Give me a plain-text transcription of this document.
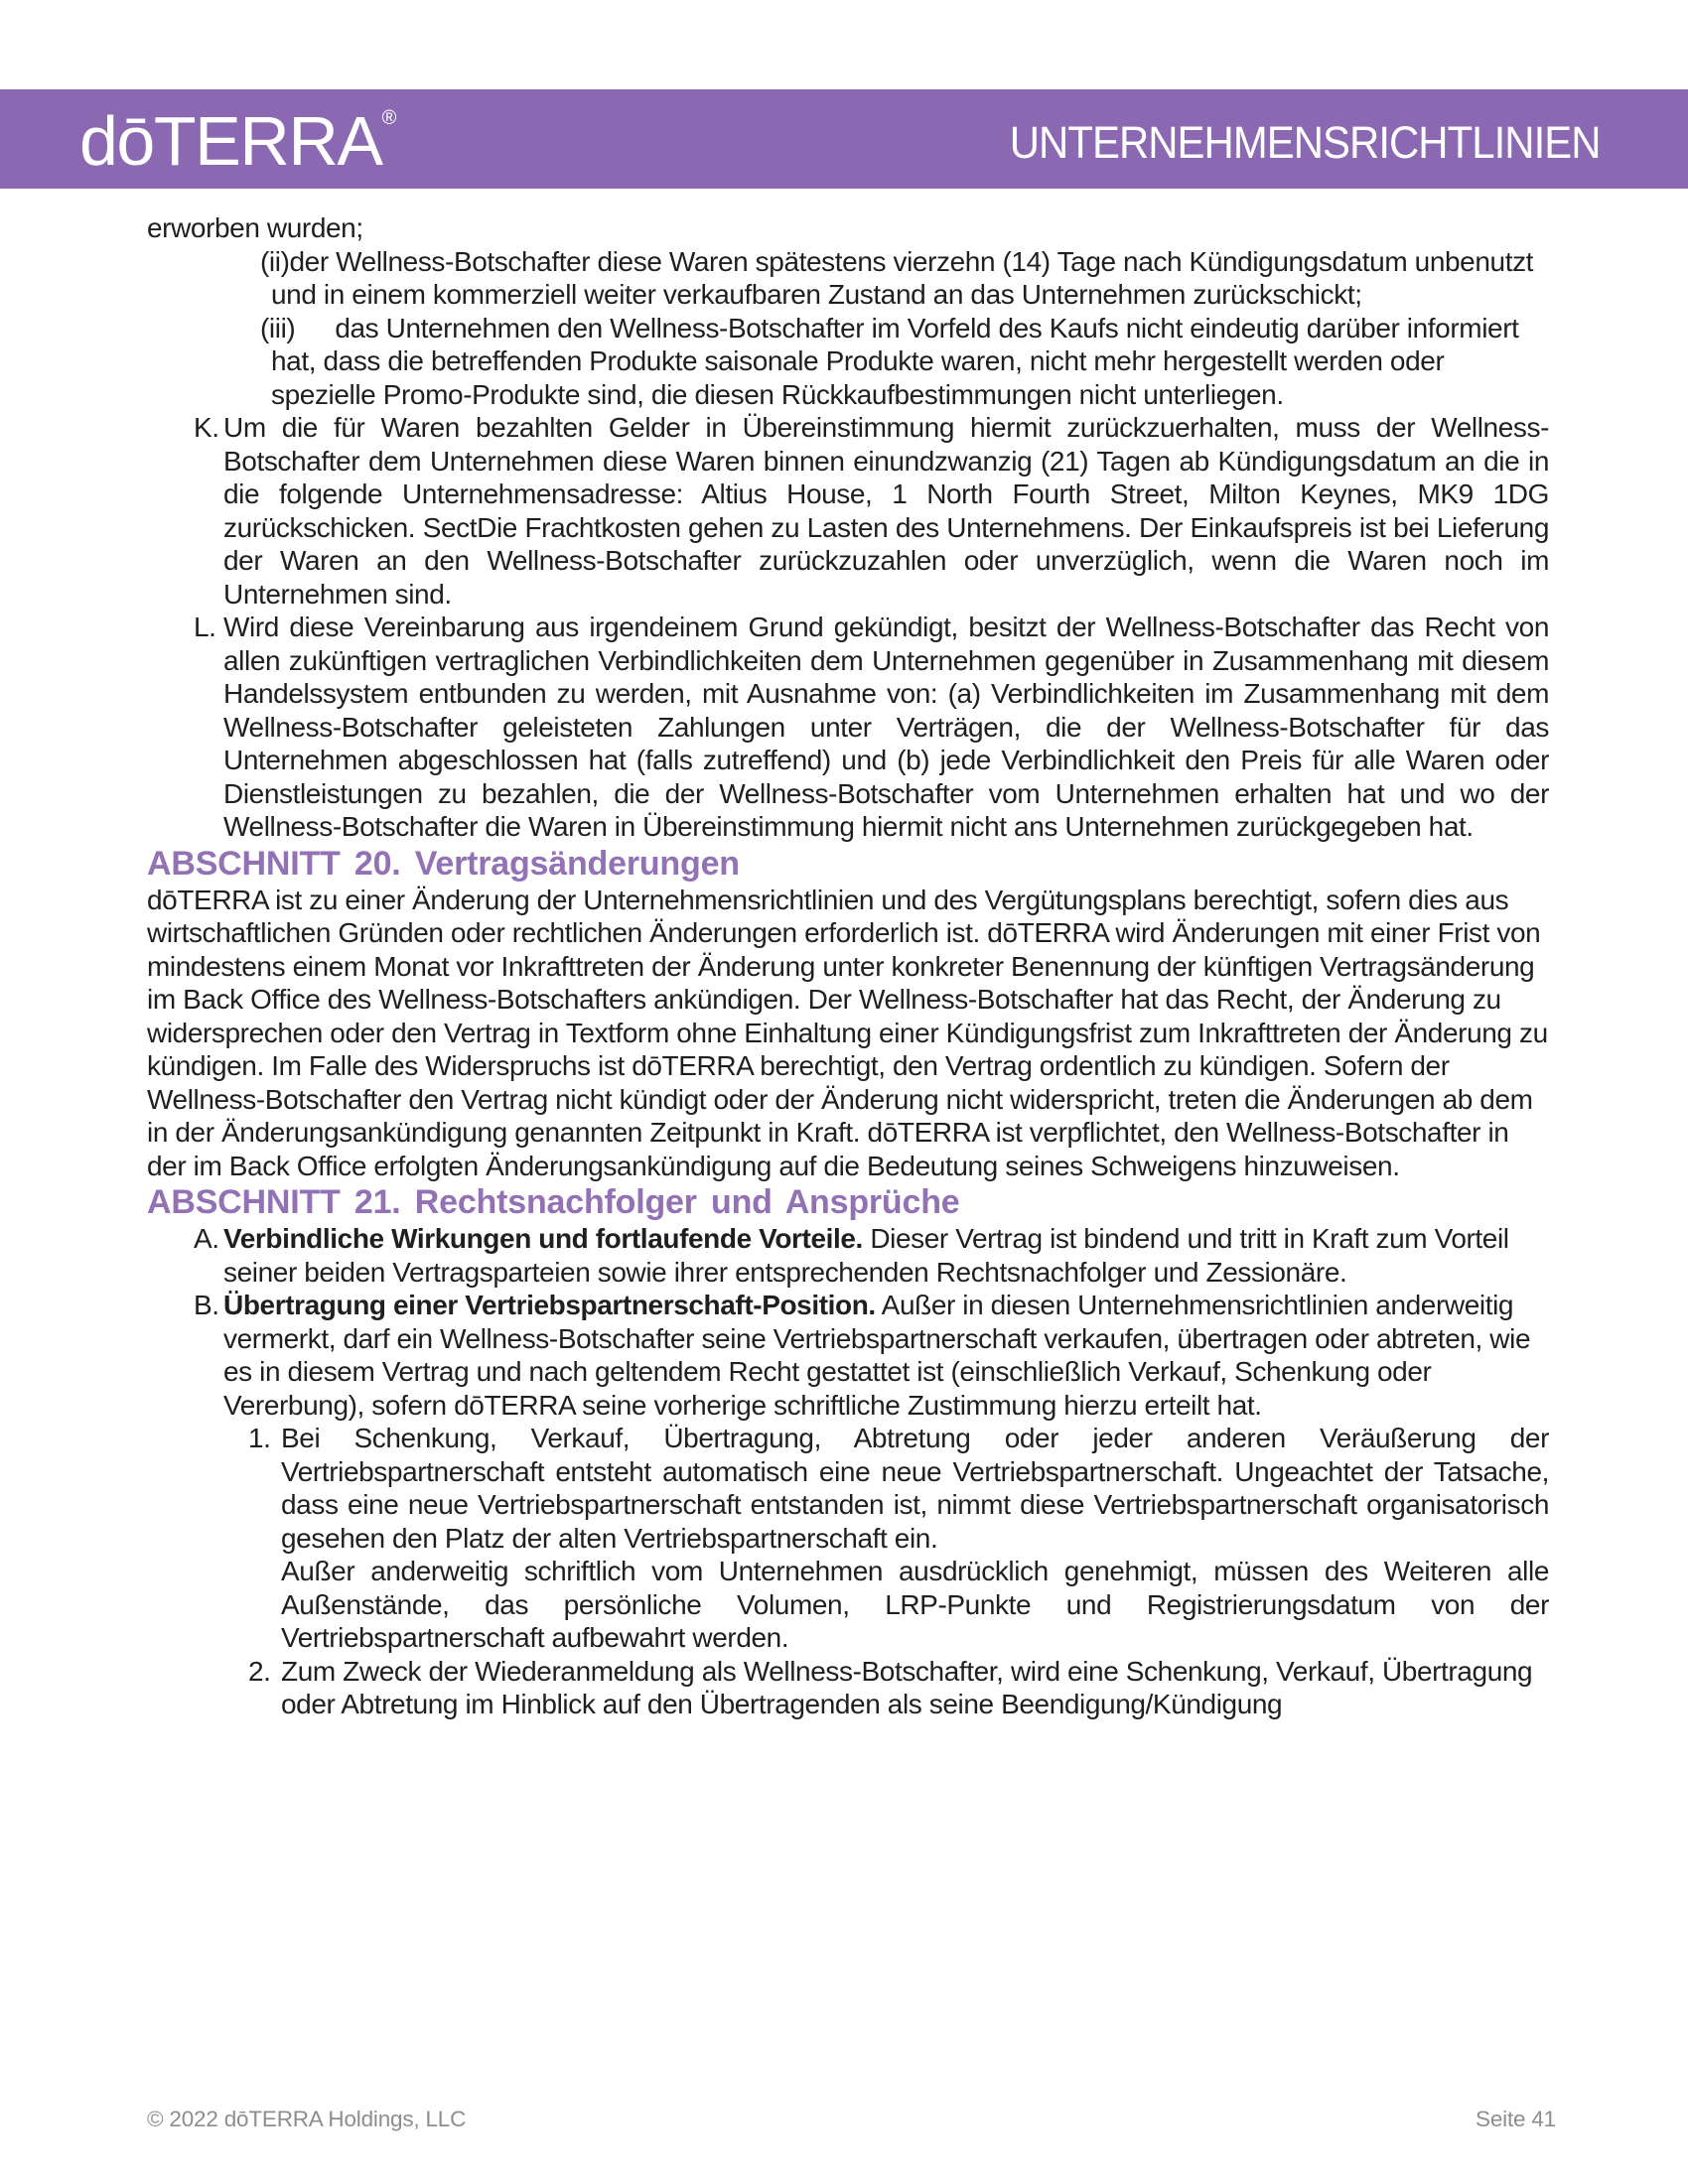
dōTERRA®	UNTERNEHMENSRICHTLINIEN

erworben wurden;

(ii)der Wellness-Botschafter diese Waren spätestens vierzehn (14) Tage nach Kündigungsdatum unbenutzt und in einem kommerziell weiter verkaufbaren Zustand an das Unternehmen zurückschickt;
(iii) das Unternehmen den Wellness-Botschafter im Vorfeld des Kaufs nicht eindeutig darüber informiert hat, dass die betreffenden Produkte saisonale Produkte waren, nicht mehr hergestellt werden oder spezielle Promo-Produkte sind, die diesen Rückkaufbestimmungen nicht unterliegen.
K. Um die für Waren bezahlten Gelder in Übereinstimmung hiermit zurückzuerhalten, muss der Wellness-Botschafter dem Unternehmen diese Waren binnen einundzwanzig (21) Tagen ab Kündigungsdatum an die in die folgende Unternehmensadresse: Altius House, 1 North Fourth Street, Milton Keynes, MK9 1DG zurückschicken. SectDie Frachtkosten gehen zu Lasten des Unternehmens. Der Einkaufspreis ist bei Lieferung der Waren an den Wellness-Botschafter zurückzuzahlen oder unverzüglich, wenn die Waren noch im Unternehmen sind.
L. Wird diese Vereinbarung aus irgendeinem Grund gekündigt, besitzt der Wellness-Botschafter das Recht von allen zukünftigen vertraglichen Verbindlichkeiten dem Unternehmen gegenüber in Zusammenhang mit diesem Handelssystem entbunden zu werden, mit Ausnahme von: (a) Verbindlichkeiten im Zusammenhang mit dem Wellness-Botschafter geleisteten Zahlungen unter Verträgen, die der Wellness-Botschafter für das Unternehmen abgeschlossen hat (falls zutreffend) und (b) jede Verbindlichkeit den Preis für alle Waren oder Dienstleistungen zu bezahlen, die der Wellness-Botschafter vom Unternehmen erhalten hat und wo der Wellness-Botschafter die Waren in Übereinstimmung hiermit nicht ans Unternehmen zurückgegeben hat.
ABSCHNITT 20. Vertragsänderungen

dōTERRA ist zu einer Änderung der Unternehmensrichtlinien und des Vergütungsplans berechtigt, sofern dies aus wirtschaftlichen Gründen oder rechtlichen Änderungen erforderlich ist. dōTERRA wird Änderungen mit einer Frist von mindestens einem Monat vor Inkrafttreten der Änderung unter konkreter Benennung der künftigen Vertragsänderung im Back Office des Wellness-Botschafters ankündigen. Der Wellness-Botschafter hat das Recht, der Änderung zu widersprechen oder den Vertrag in Textform ohne Einhaltung einer Kündigungsfrist zum Inkrafttreten der Änderung zu kündigen. Im Falle des Widerspruchs ist dōTERRA berechtigt, den Vertrag ordentlich zu kündigen. Sofern der Wellness-Botschafter den Vertrag nicht kündigt oder der Änderung nicht widerspricht, treten die Änderungen ab dem in der Änderungsankündigung genannten Zeitpunkt in Kraft. dōTERRA ist verpflichtet, den Wellness-Botschafter in der im Back Office erfolgten Änderungsankündigung auf die Bedeutung seines Schweigens hinzuweisen.

ABSCHNITT 21. Rechtsnachfolger und Ansprüche
A. Verbindliche Wirkungen und fortlaufende Vorteile. Dieser Vertrag ist bindend und tritt in Kraft zum Vorteil seiner beiden Vertragsparteien sowie ihrer entsprechenden Rechtsnachfolger und Zessionäre.
B. Übertragung einer Vertriebspartnerschaft-Position. Außer in diesen Unternehmensrichtlinien anderweitig vermerkt, darf ein Wellness-Botschafter seine Vertriebspartnerschaft verkaufen, übertragen oder abtreten, wie es in diesem Vertrag und nach geltendem Recht gestattet ist (einschließlich Verkauf, Schenkung oder Vererbung), sofern dōTERRA seine vorherige schriftliche Zustimmung hierzu erteilt hat.
1. Bei Schenkung, Verkauf, Übertragung, Abtretung oder jeder anderen Veräußerung der Vertriebspartnerschaft entsteht automatisch eine neue Vertriebspartnerschaft. Ungeachtet der Tatsache, dass eine neue Vertriebspartnerschaft entstanden ist, nimmt diese Vertriebspartnerschaft organisatorisch gesehen den Platz der alten Vertriebspartnerschaft ein.
Außer anderweitig schriftlich vom Unternehmen ausdrücklich genehmigt, müssen des Weiteren alle Außenstände, das persönliche Volumen, LRP-Punkte und Registrierungsdatum von der Vertriebspartnerschaft aufbewahrt werden.
2. Zum Zweck der Wiederanmeldung als Wellness-Botschafter, wird eine Schenkung, Verkauf, Übertragung oder Abtretung im Hinblick auf den Übertragenden als seine Beendigung/Kündigung
© 2022 dōTERRA Holdings, LLC	Seite 41
